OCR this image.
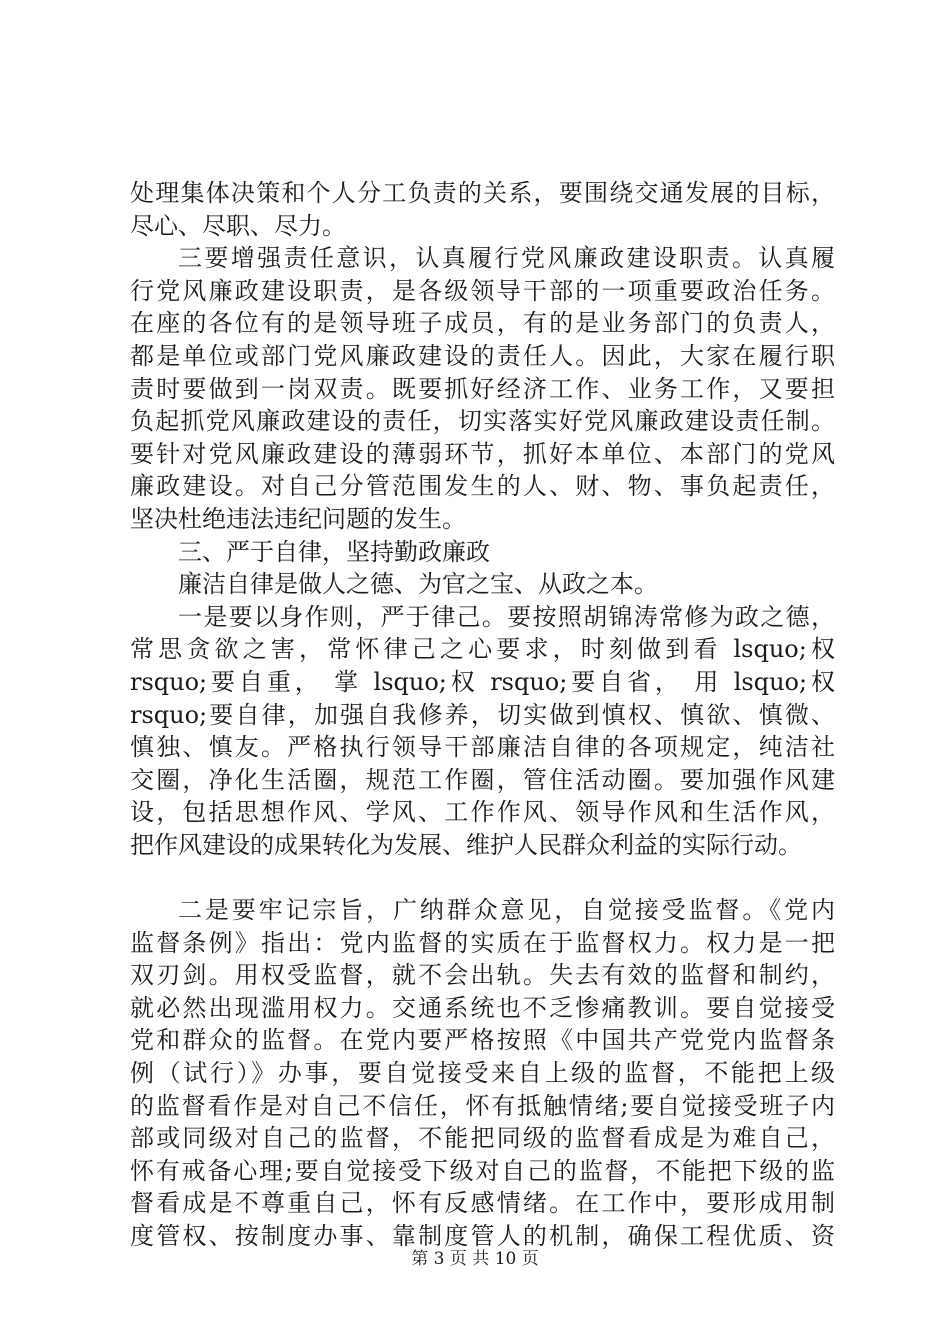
处理集体决策和个人分工负责的关系，要围绕交通发展的目标，
尽心、尽职、尽力。
三要增强责任意识，认真履行党风廉政建设职责。认真履
行党风廉政建设职责，是各级领导干部的一项重要政治任务。
在座的各位有的是领导班子成员，有的是业务部门的负责人，
都是单位或部门党风廉政建设的责任人。因此，大家在履行职
责时要做到一岗双责。既要抓好经济工作、业务工作，又要担
负起抓党风廉政建设的责任，切实落实好党风廉政建设责任制。
要针对党风廉政建设的薄弱环节，抓好本单位、本部门的党风
廉政建设。对自己分管范围发生的人、财、物、事负起责任，
坚决杜绝违法违纪问题的发生。
三、严于自律，坚持勤政廉政
廉洁自律是做人之德、为官之宝、从政之本。
一是要以身作则，严于律己。要按照胡锦涛常修为政之德，
常思贪欲之害，常怀律己之心要求，时刻做到看 lsquo;权
rsquo;要自重， 掌 lsquo;权 rsquo;要自省， 用 lsquo;权
rsquo;要自律，加强自我修养，切实做到慎权、慎欲、慎微、
慎独、慎友。严格执行领导干部廉洁自律的各项规定，纯洁社
交圈，净化生活圈，规范工作圈，管住活动圈。要加强作风建
设，包括思想作风、学风、工作作风、领导作风和生活作风，
把作风建设的成果转化为发展、维护人民群众利益的实际行动。
二是要牢记宗旨，广纳群众意见，自觉接受监督。《党内
监督条例》指出：党内监督的实质在于监督权力。权力是一把
双刃剑。用权受监督，就不会出轨。失去有效的监督和制约，
就必然出现滥用权力。交通系统也不乏惨痛教训。要自觉接受
党和群众的监督。在党内要严格按照《中国共产党党内监督条
例（试行）》办事，要自觉接受来自上级的监督，不能把上级
的监督看作是对自己不信任，怀有抵触情绪;要自觉接受班子内
部或同级对自己的监督，不能把同级的监督看成是为难自己，
怀有戒备心理;要自觉接受下级对自己的监督，不能把下级的监
督看成是不尊重自己，怀有反感情绪。在工作中，要形成用制
度管权、按制度办事、靠制度管人的机制，确保工程优质、资
第 3 页 共 10 页
